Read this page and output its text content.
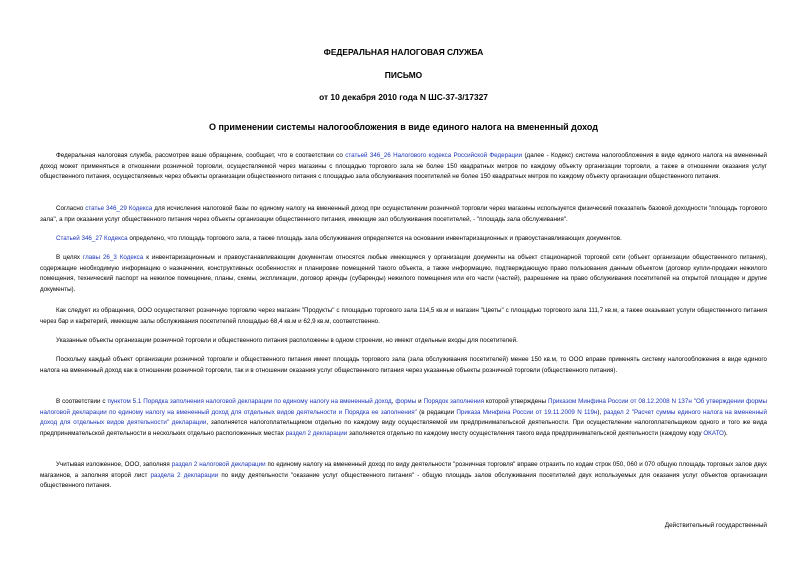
ФЕДЕРАЛЬНАЯ НАЛОГОВАЯ СЛУЖБА
ПИСЬМО
от 10 декабря 2010 года N ШС-37-3/17327
О применении системы налогообложения в виде единого налога на вмененный доход

Федеральная налоговая служба, рассмотрев ваше обращение, сообщает, что в соответствии со статьей 346_26 Налогового кодекса Российской Федерации (далее - Кодекс) система налогообложения в виде единого налога на вмененный доход может применяться в отношении розничной торговли, осуществляемой через магазины с площадью торгового зала не более 150 квадратных метров по каждому объекту организации торговли, а также в отношении оказания услуг общественного питания, осуществляемых через объекты организации общественного питания с площадью зала обслуживания посетителей не более 150 квадратных метров по каждому объекту организации общественного питания.

Согласно статье 346_29 Кодекса для исчисления налоговой базы по единому налогу на вмененный доход при осуществлении розничной торговли через магазины используется физический показатель базовой доходности "площадь торгового зала", а при оказании услуг общественного питания через объекты организации общественного питания, имеющие зал обслуживания посетителей, - "площадь зала обслуживания".

Статьей 346_27 Кодекса определено, что площадь торгового зала, а также площадь зала обслуживания определяется на основании инвентаризационных и правоустанавливающих документов.

В целях главы 26_3 Кодекса к инвентаризационным и правоустанавливающим документам относятся любые имеющиеся у организации документы на объект стационарной торговой сети (объект организации общественного питания), содержащие необходимую информацию о назначении, конструктивных особенностях и планировке помещений такого объекта, а также информацию, подтверждающую право пользования данным объектом (договор купли-продажи нежилого помещения, технический паспорт на нежилое помещение, планы, схемы, экспликации, договор аренды (субаренды) нежилого помещения или его части (частей), разрешение на право обслуживания посетителей на открытой площадке и другие документы).

Как следует из обращения, ООО осуществляет розничную торговлю через магазин "Продукты" с площадью торгового зала 114,5 кв.м и магазин "Цветы" с площадью торгового зала 111,7 кв.м, а также оказывает услуги общественного питания через бар и кафетерий, имеющие залы обслуживания посетителей площадью 68,4 кв.м и 62,9 кв.м, соответственно.

Указанные объекты организации розничной торговли и общественного питания расположены в одном строении, но имеют отдельные входы для посетителей.

Поскольку каждый объект организации розничной торговли и общественного питания имеет площадь торгового зала (зала обслуживания посетителей) менее 150 кв.м, то ООО вправе применять систему налогообложения в виде единого налога на вмененный доход как в отношении розничной торговли, так и в отношении оказания услуг общественного питания через указанные объекты розничной торговли (общественного питания).

В соответствии с пунктом 5.1 Порядка заполнения налоговой декларации по единому налогу на вмененный доход, формы и Порядок заполнения которой утверждены Приказом Минфина России от 08.12.2008 N 137н "Об утверждении формы налоговой декларации по единому налогу на вмененный доход для отдельных видов деятельности и Порядка ее заполнения" (в редакции Приказа Минфина России от 19.11.2009 N 119н), раздел 2 "Расчет суммы единого налога на вмененный доход для отдельных видов деятельности" декларации, заполняется налогоплательщиком отдельно по каждому виду осуществляемой им предпринимательской деятельности. При осуществлении налогоплательщиком одного и того же вида предпринимательской деятельности в нескольких отдельно расположенных местах раздел 2 декларации заполняется отдельно по каждому месту осуществления такого вида предпринимательской деятельности (каждому коду ОКАТО).

Учитывая изложенное, ООО, заполняя раздел 2 налоговой декларации по единому налогу на вмененный доход по виду деятельности "розничная торговля" вправе отразить по кодам строк 050, 060 и 070 общую площадь торговых залов двух магазинов, а заполняя второй лист раздела 2 декларации по виду деятельности "оказание услуг общественного питания" - общую площадь залов обслуживания посетителей двух используемых для оказания услуг объектов организации общественного питания.

Действительный государственный
